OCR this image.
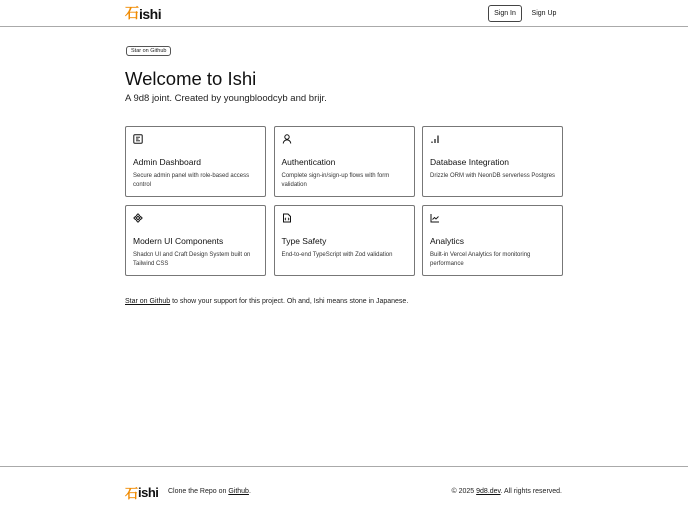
石 ishi	Sign In	Sign Up
Star on Github
Welcome to Ishi

A 9d8 joint. Created by youngbloodcyb and brijr.

Admin Dashboard
Secure admin panel with role-based access control
Authentication
Complete sign-in/sign-up flows with form validation
Database Integration
Drizzle ORM with NeonDB serverless Postgres
Modern UI Components
Shadcn UI and Craft Design System built on Tailwind CSS
Type Safety
End-to-end TypeScript with Zod validation
Analytics
Built-in Vercel Analytics for monitoring performance

Star on Github to show your support for this project. Oh and, Ishi means stone in Japanese.

石 ishi Clone the Repo on Github.	© 2025 9d8.dev. All rights reserved.
